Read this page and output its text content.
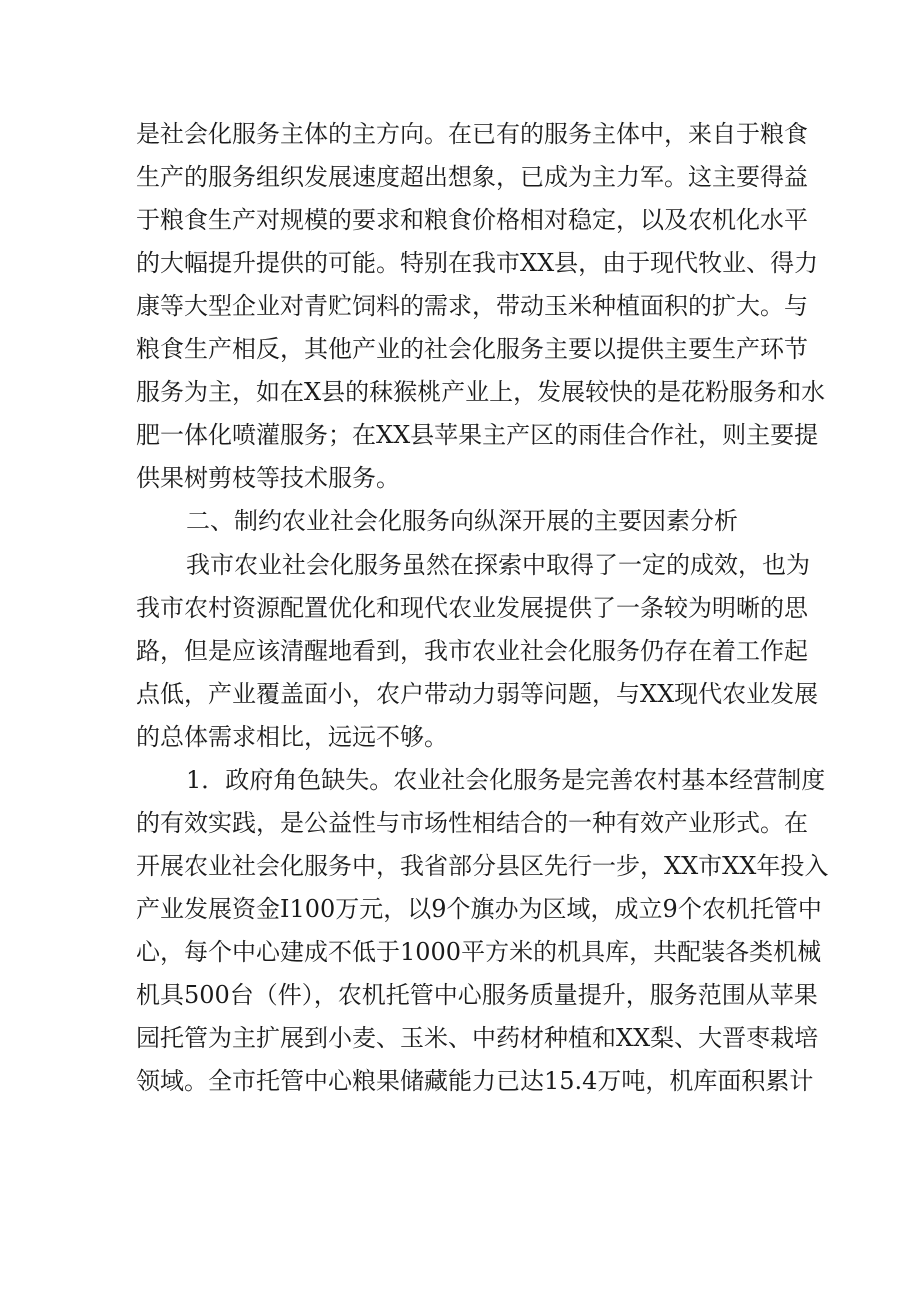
是社会化服务主体的主方向。在已有的服务主体中，来自于粮食
生产的服务组织发展速度超出想象，已成为主力军。这主要得益
于粮食生产对规模的要求和粮食价格相对稳定，以及农机化水平
的大幅提升提供的可能。特别在我市XX县，由于现代牧业、得力
康等大型企业对青贮饲料的需求，带动玉米种植面积的扩大。与
粮食生产相反，其他产业的社会化服务主要以提供主要生产环节
服务为主，如在X县的秣猴桃产业上，发展较快的是花粉服务和水
肥一体化喷灌服务；在XX县苹果主产区的雨佳合作社，则主要提
供果树剪枝等技术服务。
二、制约农业社会化服务向纵深开展的主要因素分析
我市农业社会化服务虽然在探索中取得了一定的成效，也为
我市农村资源配置优化和现代农业发展提供了一条较为明晰的思
路，但是应该清醒地看到，我市农业社会化服务仍存在着工作起
点低，产业覆盖面小，农户带动力弱等问题，与XX现代农业发展
的总体需求相比，远远不够。
1．政府角色缺失。农业社会化服务是完善农村基本经营制度
的有效实践，是公益性与市场性相结合的一种有效产业形式。在
开展农业社会化服务中，我省部分县区先行一步，XX市XX年投入
产业发展资金I100万元，以9个旗办为区域，成立9个农机托管中
心，每个中心建成不低于1000平方米的机具库，共配装各类机械
机具500台（件），农机托管中心服务质量提升，服务范围从苹果
园托管为主扩展到小麦、玉米、中药材种植和XX梨、大晋枣栽培
领域。全市托管中心粮果储藏能力已达15.4万吨，机库面积累计
